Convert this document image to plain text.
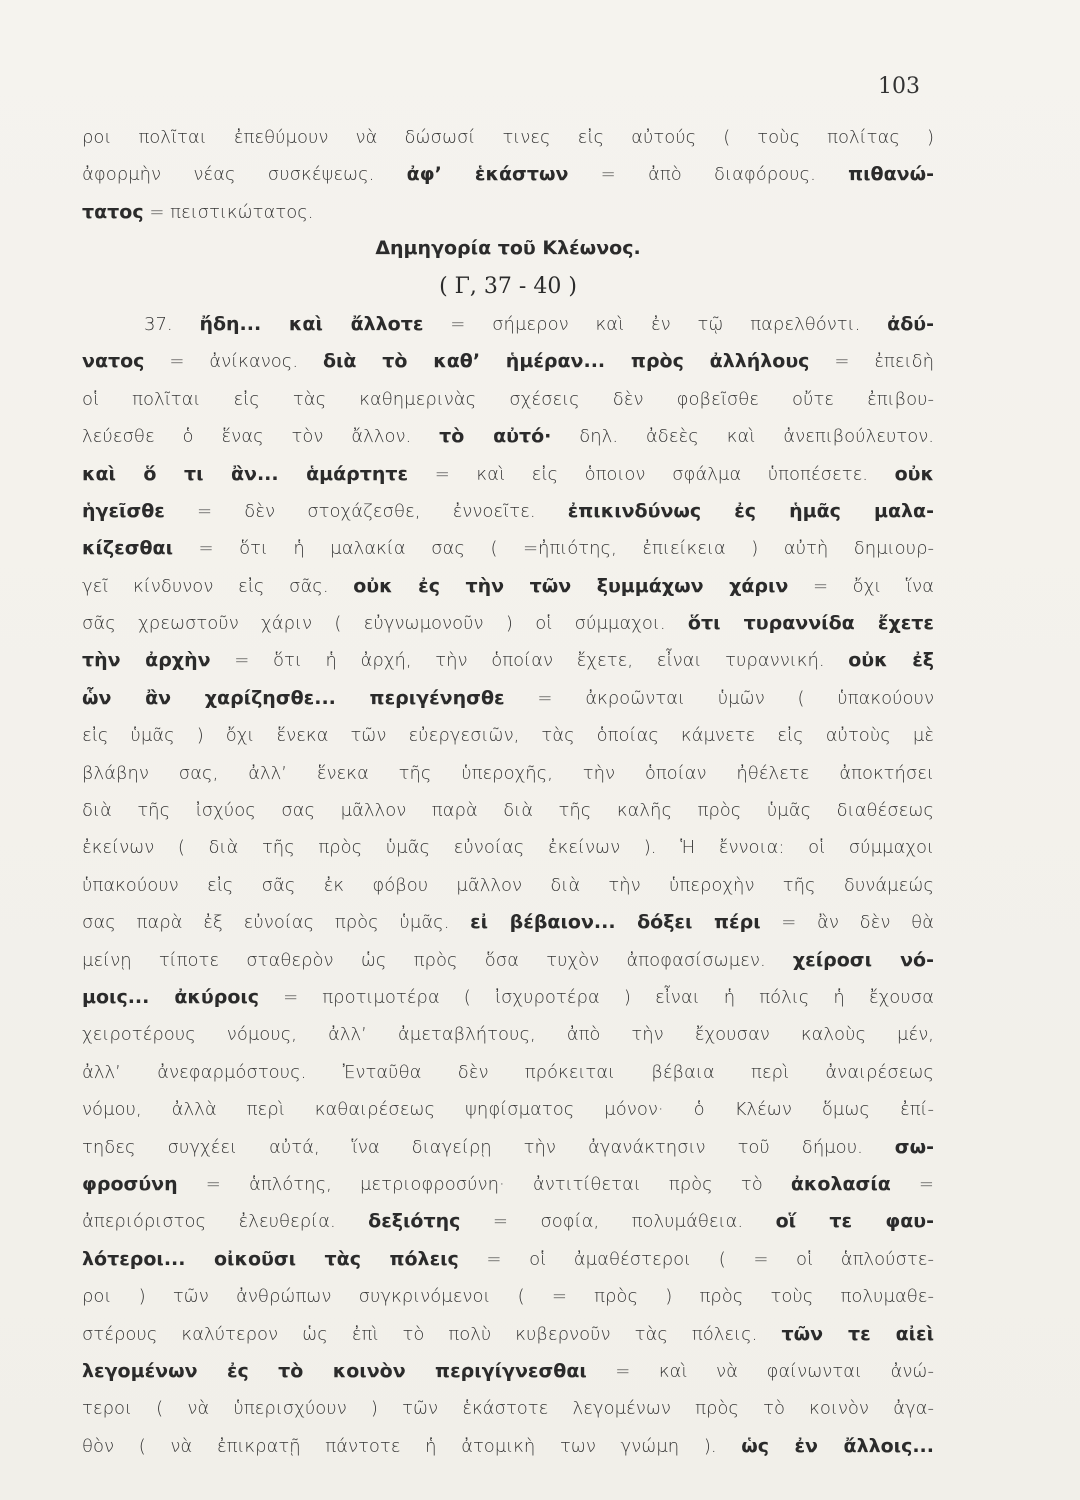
103
ροι πολῖται ἐπεθύμουν νὰ δώσωσί τινες εἰς αὐτούς ( τοὺς πολίτας )
ἀφορμὴν νέας συσκέψεως. ἀφ’ ἑκάστων = ἀπὸ διαφόρους. πιθανώ-
τατος = πειστικώτατος.
Δημηγορία τοῦ Κλέωνος.
( Γ, 37 - 40 )
37. ἤδη... καὶ ἄλλοτε = σήμερον καὶ ἐν τῷ παρελθόντι. ἀδύ-
νατος = ἀνίκανος. διὰ τὸ καθ’ ἡμέραν... πρὸς ἀλλήλους = ἐπειδὴ
οἱ πολῖται εἰς τὰς καθημερινὰς σχέσεις δὲν φοβεῖσθε οὔτε ἐπιβου-
λεύεσθε ὁ ἕνας τὸν ἄλλον. τὸ αὐτό· δηλ. ἀδεὲς καὶ ἀνεπιβούλευτον.
καὶ ὅ τι ἂν... ἁμάρτητε = καὶ εἰς ὁποιον σφάλμα ὑποπέσετε. οὐκ
ἡγεῖσθε = δὲν στοχάζεσθε, ἐννοεῖτε. ἐπικινδύνως ἐς ἡμᾶς μαλα-
κίζεσθαι = ὅτι ἡ μαλακία σας ( =ἠπιότης, ἐπιείκεια ) αὐτὴ δημιουρ-
γεῖ κίνδυνον εἰς σᾶς. οὐκ ἐς τὴν τῶν ξυμμάχων χάριν = ὄχι ἵνα
σᾶς χρεωστοῦν χάριν ( εὐγνωμονοῦν ) οἱ σύμμαχοι. ὅτι τυραννίδα ἔχετε
τὴν ἀρχὴν = ὅτι ἡ ἀρχή, τὴν ὁποίαν ἔχετε, εἶναι τυραννική. οὐκ ἐξ
ὧν ἂν χαρίζησθε... περιγένησθε = ἀκροῶνται ὑμῶν ( ὑπακούουν
εἰς ὑμᾶς ) ὄχι ἕνεκα τῶν εὐεργεσιῶν, τὰς ὁποίας κάμνετε εἰς αὐτοὺς μὲ
βλάβην σας, ἀλλ’ ἕνεκα τῆς ὑπεροχῆς, τὴν ὁποίαν ἠθέλετε ἀποκτήσει
διὰ τῆς ἰσχύος σας μᾶλλον παρὰ διὰ τῆς καλῆς πρὸς ὑμᾶς διαθέσεως
ἐκείνων ( διὰ τῆς πρὸς ὑμᾶς εὐνοίας ἐκείνων ). Ἡ ἔννοια: οἱ σύμμαχοι
ὑπακούουν εἰς σᾶς ἐκ φόβου μᾶλλον διὰ τὴν ὑπεροχὴν τῆς δυνάμεώς
σας παρὰ ἐξ εὐνοίας πρὸς ὑμᾶς. εἰ βέβαιον... δόξει πέρι = ἂν δὲν θὰ
μείνῃ τίποτε σταθερὸν ὡς πρὸς ὅσα τυχὸν ἀποφασίσωμεν. χείροσι νό-
μοις... ἀκύροις = προτιμοτέρα ( ἰσχυροτέρα ) εἶναι ἡ πόλις ἡ ἔχουσα
χειροτέρους νόμους, ἀλλ’ ἀμεταβλήτους, ἀπὸ τὴν ἔχουσαν καλοὺς μέν,
ἀλλ’ ἀνεφαρμόστους. Ἐνταῦθα δὲν πρόκειται βέβαια περὶ ἀναιρέσεως
νόμου, ἀλλὰ περὶ καθαιρέσεως ψηφίσματος μόνον· ὁ Κλέων ὅμως ἐπί-
τηδες συγχέει αὐτά, ἵνα διαγείρῃ τὴν ἀγανάκτησιν τοῦ δήμου. σω-
φροσύνη = ἁπλότης, μετριοφροσύνη· ἀντιτίθεται πρὸς τὸ ἀκολασία =
ἀπεριόριστος ἐλευθερία. δεξιότης = σοφία, πολυμάθεια. οἵ τε φαυ-
λότεροι... οἰκοῦσι τὰς πόλεις = οἱ ἀμαθέστεροι ( = οἱ ἁπλούστε-
ροι ) τῶν ἀνθρώπων συγκρινόμενοι ( = πρὸς ) πρὸς τοὺς πολυμαθε-
στέρους καλύτερον ὡς ἐπὶ τὸ πολὺ κυβερνοῦν τὰς πόλεις. τῶν τε αἰεὶ
λεγομένων ἐς τὸ κοινὸν περιγίγνεσθαι = καὶ νὰ φαίνωνται ἀνώ-
τεροι ( νὰ ὑπερισχύουν ) τῶν ἑκάστοτε λεγομένων πρὸς τὸ κοινὸν ἀγα-
θὸν ( νὰ ἐπικρατῇ πάντοτε ἡ ἀτομικὴ των γνώμη ). ὡς ἐν ἄλλοις...
